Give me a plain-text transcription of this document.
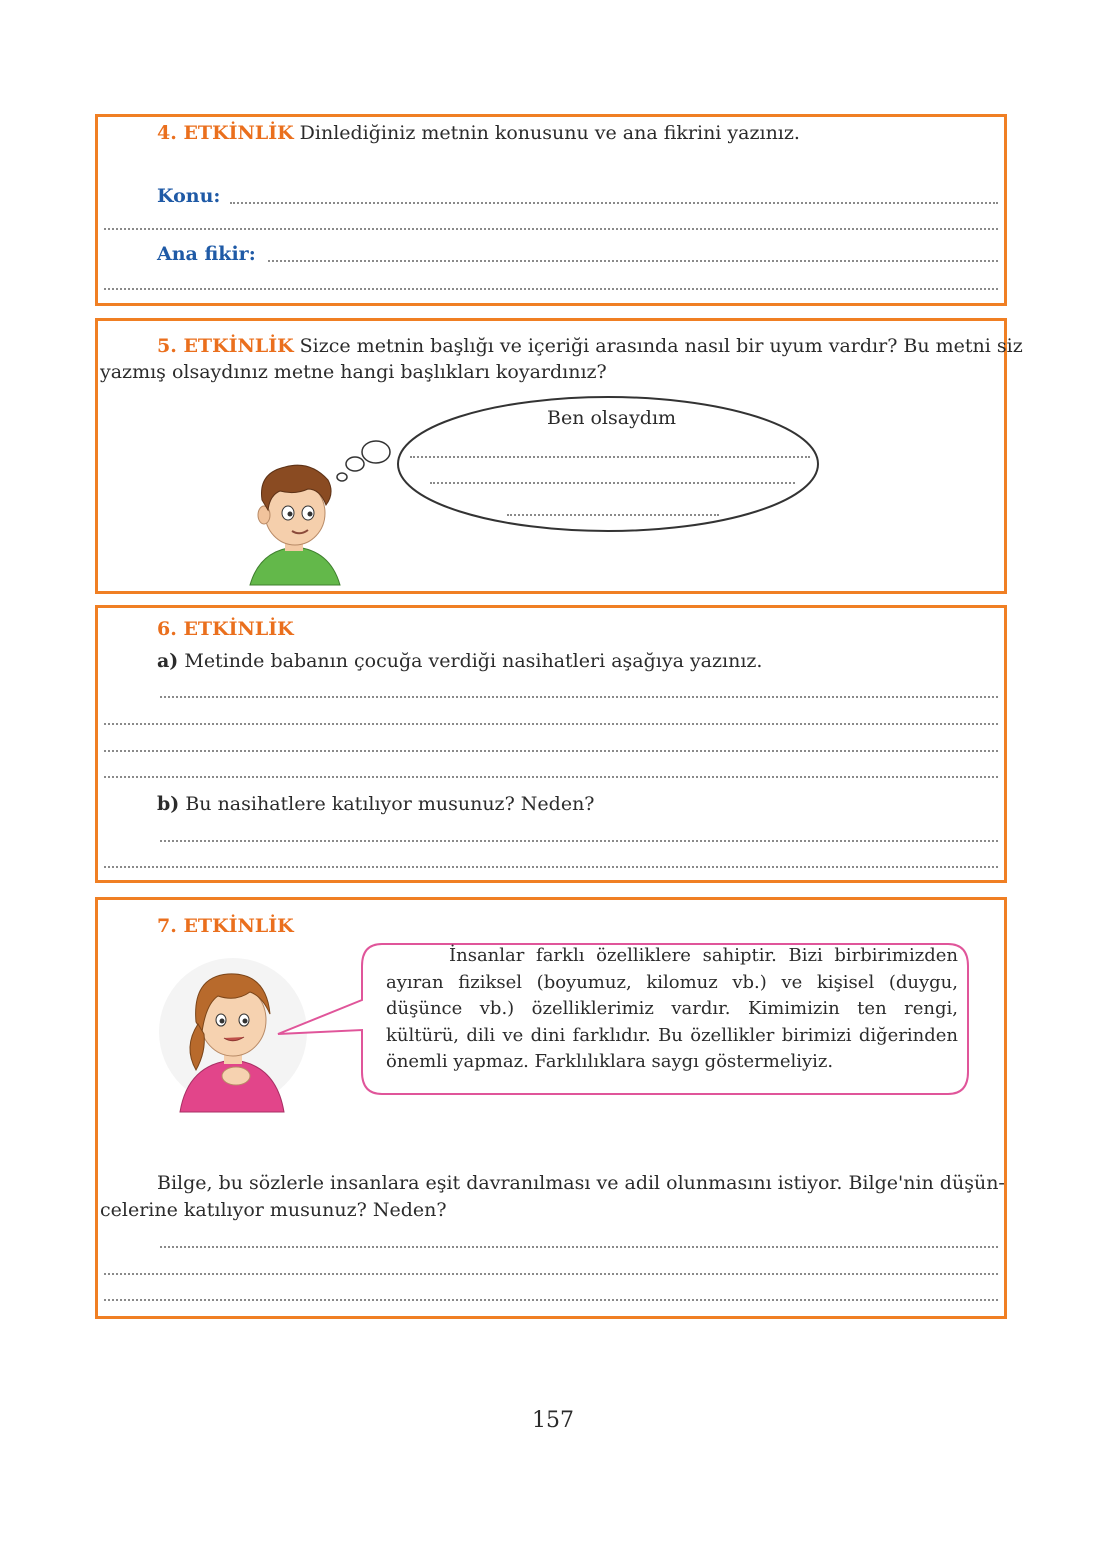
4. ETKİNLİK Dinlediğiniz metnin konusunu ve ana fikrini yazınız.
Konu:
Ana fikir:
5. ETKİNLİK Sizce metnin başlığı ve içeriği arasında nasıl bir uyum vardır? Bu metni siz
yazmış olsaydınız metne hangi başlıkları koyardınız?
Ben olsaydım
6. ETKİNLİK
a) Metinde babanın çocuğa verdiği nasihatleri aşağıya yazınız.
b) Bu nasihatlere katılıyor musunuz? Neden?
7. ETKİNLİK
İnsanlar farklı özelliklere sahiptir. Bizi birbirimizden ayıran fiziksel (boyumuz, kilomuz vb.) ve kişisel (duygu, düşünce vb.) özelliklerimiz vardır. Kimimizin ten rengi, kültürü, dili ve dini farklıdır. Bu özellikler birimizi diğerinden önemli yapmaz. Farklılıklara saygı göstermeliyiz.
Bilge, bu sözlerle insanlara eşit davranılması ve adil olunmasını istiyor. Bilge'nin düşün-
celerine katılıyor musunuz? Neden?
157
